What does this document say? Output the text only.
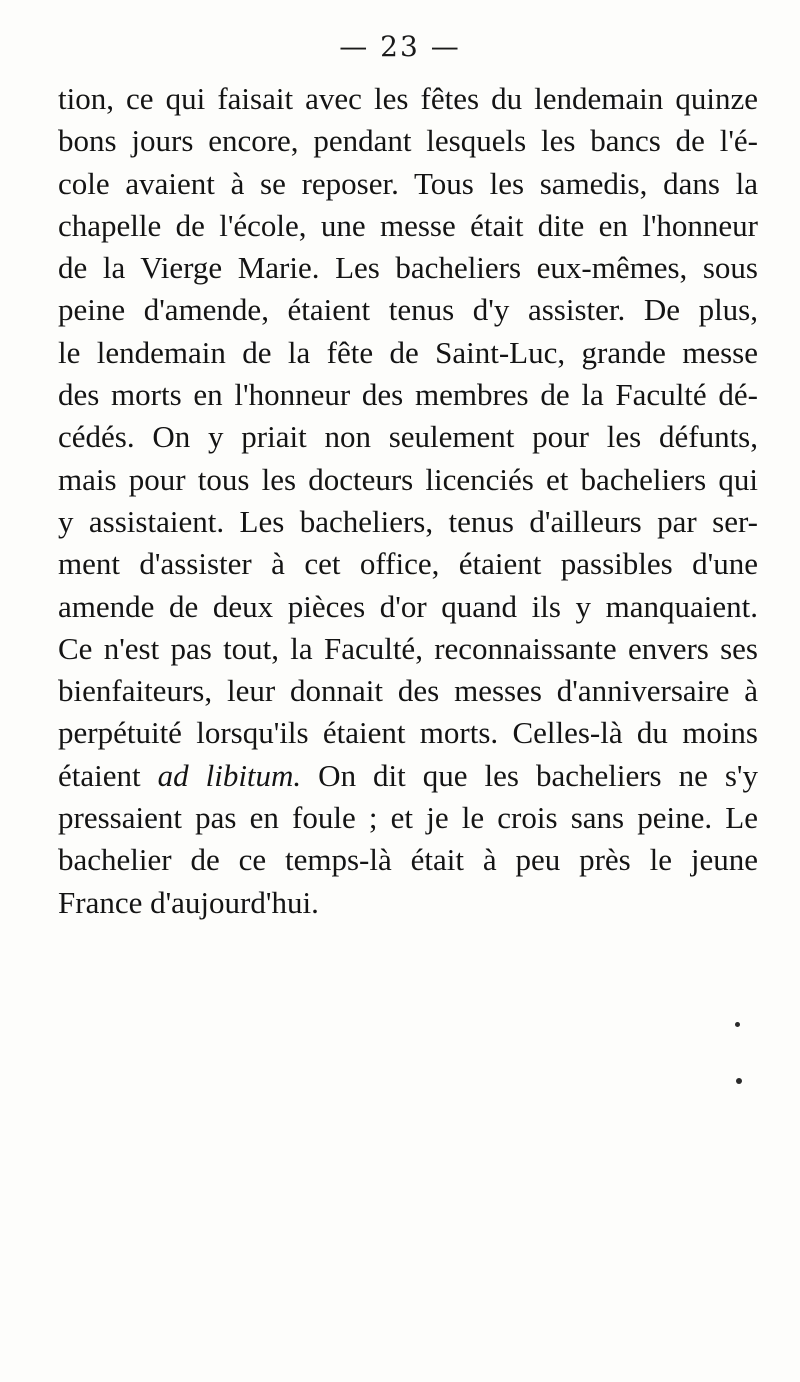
— 23 —
tion, ce qui faisait avec les fêtes du lendemain quinze
bons jours encore, pendant lesquels les bancs de l'é-
cole avaient à se reposer. Tous les samedis, dans la
chapelle de l'école, une messe était dite en l'honneur
de la Vierge Marie. Les bacheliers eux-mêmes, sous
peine d'amende, étaient tenus d'y assister. De plus,
le lendemain de la fête de Saint-Luc, grande messe
des morts en l'honneur des membres de la Faculté dé-
cédés. On y priait non seulement pour les défunts,
mais pour tous les docteurs licenciés et bacheliers qui
y assistaient. Les bacheliers, tenus d'ailleurs par ser-
ment d'assister à cet office, étaient passibles d'une
amende de deux pièces d'or quand ils y manquaient.
Ce n'est pas tout, la Faculté, reconnaissante envers ses
bienfaiteurs, leur donnait des messes d'anniversaire à
perpétuité lorsqu'ils étaient morts. Celles-là du moins
étaient ad libitum. On dit que les bacheliers ne s'y
pressaient pas en foule ; et je le crois sans peine. Le
bachelier de ce temps-là était à peu près le jeune
France d'aujourd'hui.
